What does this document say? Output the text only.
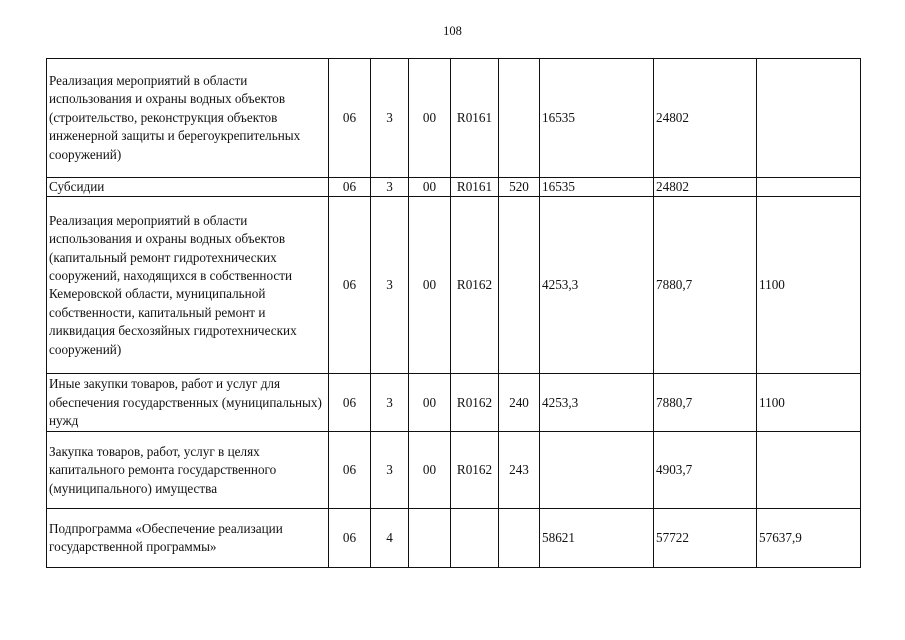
108
Реализация мероприятий в области использования и охраны водных объектов (строительство, реконструкция объектов инженерной защиты и берегоукрепительных сооружений)	06	3	00	R0161		16535	24802	
Субсидии	06	3	00	R0161	520	16535	24802	
Реализация мероприятий в области использования и охраны водных объектов (капитальный ремонт гидротехнических сооружений, находящихся в собственности Кемеровской области, муниципальной собственности, капитальный ремонт и ликвидация бесхозяйных гидротехнических сооружений)	06	3	00	R0162		4253,3	7880,7	1100
Иные закупки товаров, работ и услуг для обеспечения государственных (муниципальных) нужд	06	3	00	R0162	240	4253,3	7880,7	1100
Закупка товаров, работ, услуг в целях капитального ремонта государственного (муниципального) имущества	06	3	00	R0162	243		4903,7	
Подпрограмма «Обеспечение реализации государственной программы»	06	4				58621	57722	57637,9
